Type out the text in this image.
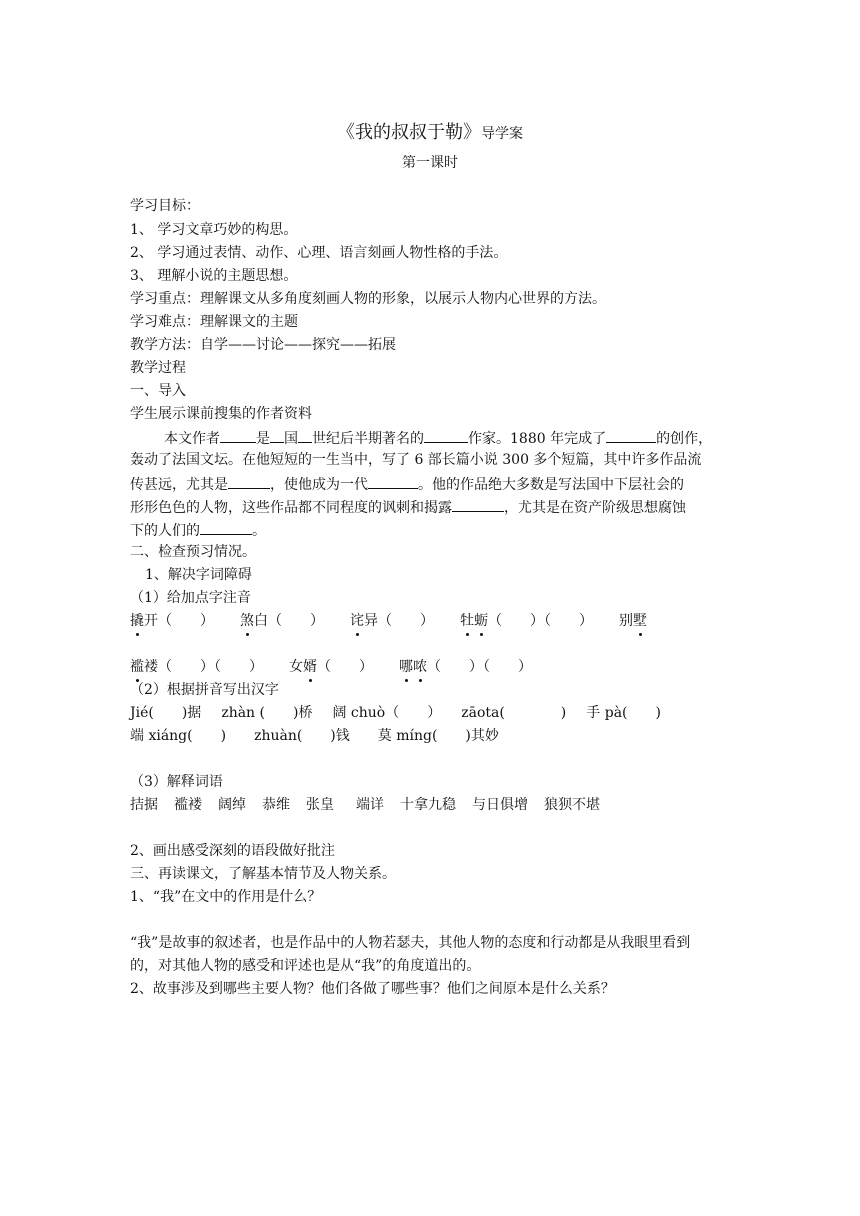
《我的叔叔于勒》导学案
第一课时
学习目标：
1、 学习文章巧妙的构思。
2、 学习通过表情、动作、心理、语言刻画人物性格的手法。
3、 理解小说的主题思想。
学习重点：理解课文从多角度刻画人物的形象，以展示人物内心世界的方法。
学习难点：理解课文的主题
教学方法：自学——讨论——探究——拓展
教学过程
一、导入
学生展示课前搜集的作者资料
本文作者	是 国 世纪后半期著名的	作家。1880 年完成了	的创作，
轰动了法国文坛。在他短短的一生当中，写了 6 部长篇小说 300 多个短篇，其中许多作品流
传甚远，尤其是	，使他成为一代	。他的作品绝大多数是写法国中下层社会的
形形色色的人物，这些作品都不同程度的讽刺和揭露	，尤其是在资产阶级思想腐蚀
下的人们的	。
二、检查预习情况。
1、解决字词障碍
（1）给加点字注音
撬开（　　） 煞白（　　） 诧异（　　） 牡蛎（　　）（　　） 别墅
褴褛（　　）（　　） 女婿（　　） 哪哝（　　）（　　）
（2）根据拼音写出汉字
Jié(　　)据 zhàn (　　)桥 阔 chuò（　　） zāota(　　　　) 手 pà(　　)
端 xiáng(　　) zhuàn(　　)钱 莫 míng(　　)其妙
（3）解释词语
拮据 褴褛 阔绰 恭维 张皇 端详 十拿九稳 与日俱增 狼狈不堪
2、画出感受深刻的语段做好批注
三、再读课文，了解基本情节及人物关系。
1、“我”在文中的作用是什么？
“我”是故事的叙述者，也是作品中的人物若瑟夫，其他人物的态度和行动都是从我眼里看到
的，对其他人物的感受和评述也是从“我”的角度道出的。
2、故事涉及到哪些主要人物？他们各做了哪些事？他们之间原本是什么关系？
